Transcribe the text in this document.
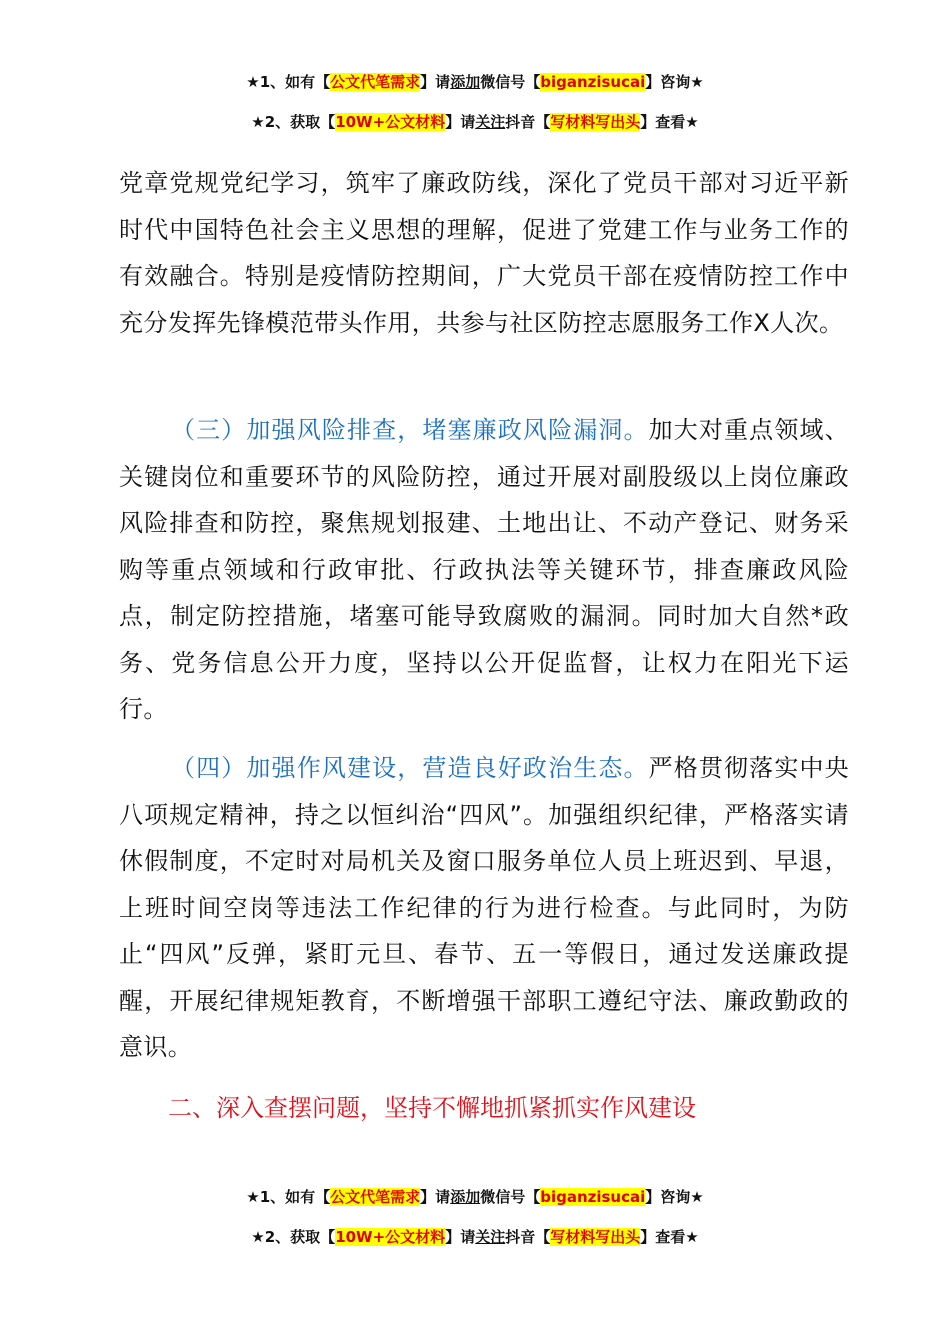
★1、如有【公文代笔需求】请添加微信号【biganzisucai】咨询★
★2、获取【10W+公文材料】请关注抖音【写材料写出头】查看★

党章党规党纪学习，筑牢了廉政防线，深化了党员干部对习近平新时代中国特色社会主义思想的理解，促进了党建工作与业务工作的有效融合。特别是疫情防控期间，广大党员干部在疫情防控工作中充分发挥先锋模范带头作用，共参与社区防控志愿服务工作X人次。

（三）加强风险排查，堵塞廉政风险漏洞。加大对重点领域、关键岗位和重要环节的风险防控，通过开展对副股级以上岗位廉政风险排查和防控，聚焦规划报建、土地出让、不动产登记、财务采购等重点领域和行政审批、行政执法等关键环节，排查廉政风险点，制定防控措施，堵塞可能导致腐败的漏洞。同时加大自然*政务、党务信息公开力度，坚持以公开促监督，让权力在阳光下运行。

（四）加强作风建设，营造良好政治生态。严格贯彻落实中央八项规定精神，持之以恒纠治“四风”。加强组织纪律，严格落实请休假制度，不定时对局机关及窗口服务单位人员上班迟到、早退，上班时间空岗等违法工作纪律的行为进行检查。与此同时，为防止“四风”反弹，紧盯元旦、春节、五一等假日，通过发送廉政提醒，开展纪律规矩教育，不断增强干部职工遵纪守法、廉政勤政的意识。

二、深入查摆问题，坚持不懈地抓紧抓实作风建设
★1、如有【公文代笔需求】请添加微信号【biganzisucai】咨询★
★2、获取【10W+公文材料】请关注抖音【写材料写出头】查看★
